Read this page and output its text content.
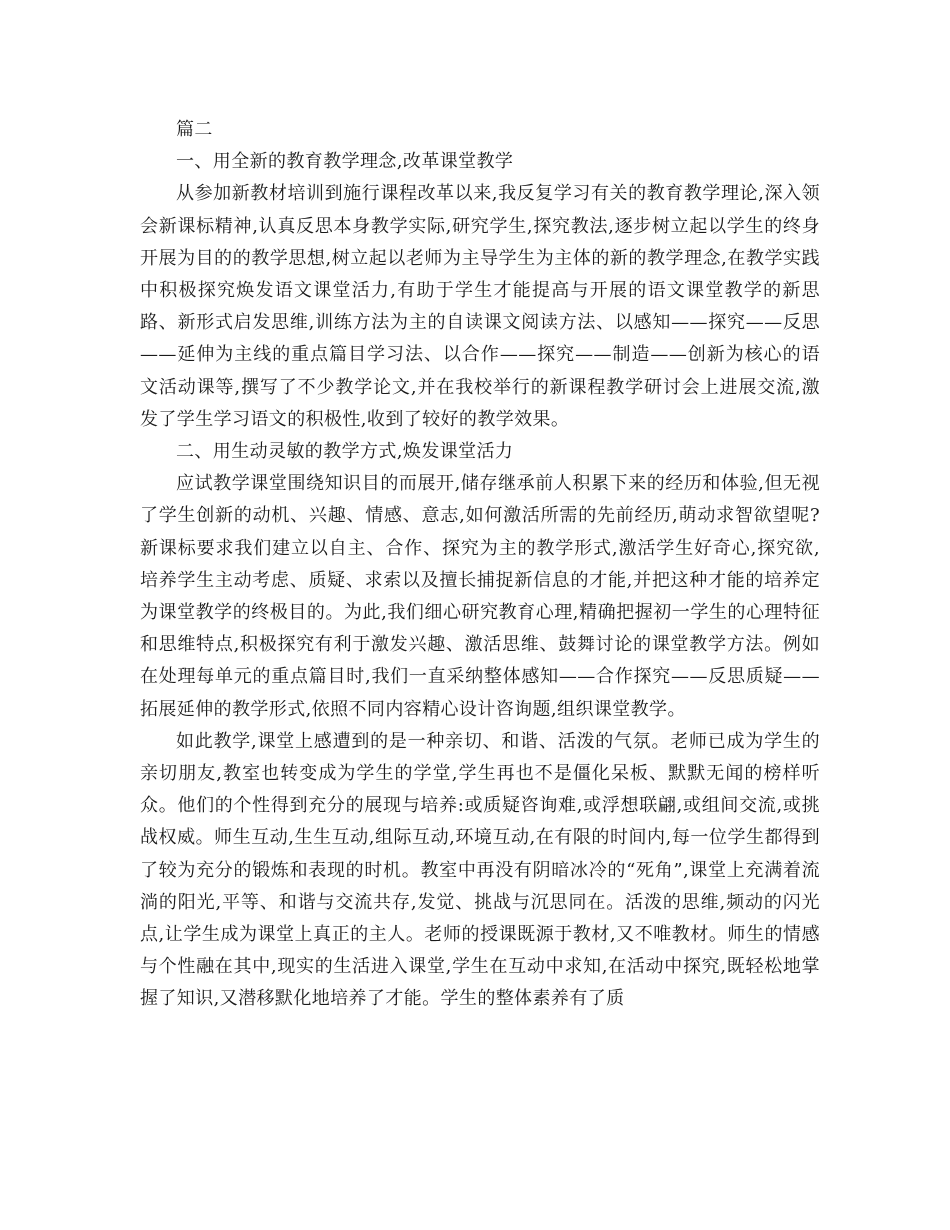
篇二

一、用全新的教育教学理念,改革课堂教学

从参加新教材培训到施行课程改革以来,我反复学习有关的教育教学理论,深入领会新课标精神,认真反思本身教学实际,研究学生,探究教法,逐步树立起以学生的终身开展为目的的教学思想,树立起以老师为主导学生为主体的新的教学理念,在教学实践中积极探究焕发语文课堂活力,有助于学生才能提高与开展的语文课堂教学的新思路、新形式启发思维,训练方法为主的自读课文阅读方法、以感知——探究——反思——延伸为主线的重点篇目学习法、以合作——探究——制造——创新为核心的语文活动课等,撰写了不少教学论文,并在我校举行的新课程教学研讨会上进展交流,激发了学生学习语文的积极性,收到了较好的教学效果。

二、用生动灵敏的教学方式,焕发课堂活力

应试教学课堂围绕知识目的而展开,储存继承前人积累下来的经历和体验,但无视了学生创新的动机、兴趣、情感、意志,如何激活所需的先前经历,萌动求智欲望呢?新课标要求我们建立以自主、合作、探究为主的教学形式,激活学生好奇心,探究欲,培养学生主动考虑、质疑、求索以及擅长捕捉新信息的才能,并把这种才能的培养定为课堂教学的终极目的。为此,我们细心研究教育心理,精确把握初一学生的心理特征和思维特点,积极探究有利于激发兴趣、激活思维、鼓舞讨论的课堂教学方法。例如在处理每单元的重点篇目时,我们一直采纳整体感知——合作探究——反思质疑——拓展延伸的教学形式,依照不同内容精心设计咨询题,组织课堂教学。

如此教学,课堂上感遭到的是一种亲切、和谐、活泼的气氛。老师已成为学生的亲切朋友,教室也转变成为学生的学堂,学生再也不是僵化呆板、默默无闻的榜样听众。他们的个性得到充分的展现与培养:或质疑咨询难,或浮想联翩,或组间交流,或挑战权威。师生互动,生生互动,组际互动,环境互动,在有限的时间内,每一位学生都得到了较为充分的锻炼和表现的时机。教室中再没有阴暗冰冷的“死角”,课堂上充满着流淌的阳光,平等、和谐与交流共存,发觉、挑战与沉思同在。活泼的思维,频动的闪光点,让学生成为课堂上真正的主人。老师的授课既源于教材,又不唯教材。师生的情感与个性融在其中,现实的生活进入课堂,学生在互动中求知,在活动中探究,既轻松地掌握了知识,又潜移默化地培养了才能。学生的整体素养有了质
